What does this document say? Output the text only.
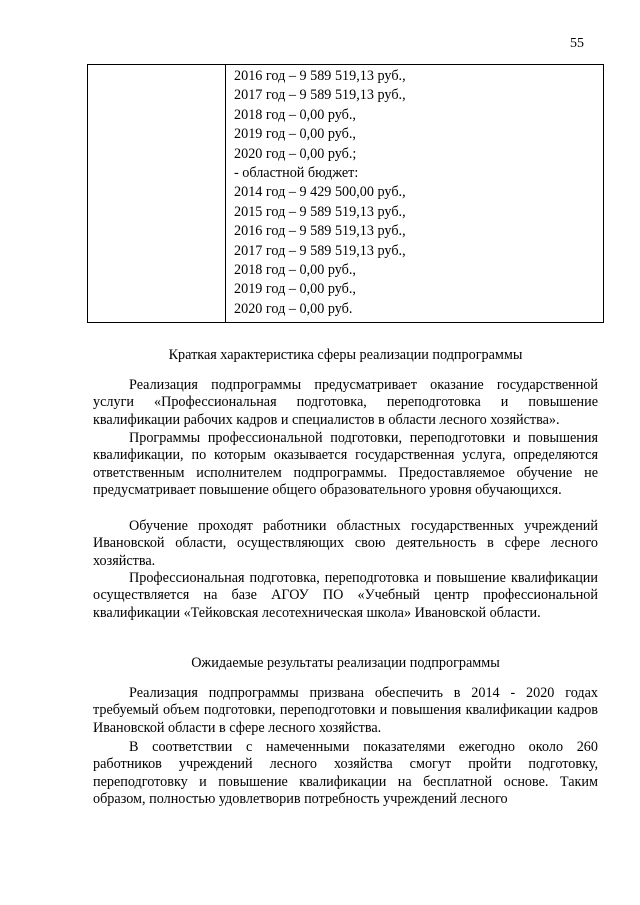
55
2016 год – 9 589 519,13 руб.,
2017 год – 9 589 519,13 руб.,
2018 год – 0,00 руб.,
2019 год – 0,00 руб.,
2020 год – 0,00 руб.;
- областной бюджет:
2014 год – 9 429 500,00 руб.,
2015 год – 9 589 519,13 руб.,
2016 год – 9 589 519,13 руб.,
2017 год – 9 589 519,13 руб.,
2018 год – 0,00 руб.,
2019 год – 0,00 руб.,
2020 год – 0,00 руб.
Краткая характеристика сферы реализации подпрограммы

Реализация подпрограммы предусматривает оказание государственной услуги «Профессиональная подготовка, переподготовка и повышение квалификации рабочих кадров и специалистов в области лесного хозяйства».

Программы профессиональной подготовки, переподготовки и повышения квалификации, по которым оказывается государственная услуга, определяются ответственным исполнителем подпрограммы. Предоставляемое обучение не предусматривает повышение общего образовательного уровня обучающихся.

Обучение проходят работники областных государственных учреждений Ивановской области, осуществляющих свою деятельность в сфере лесного хозяйства.

Профессиональная подготовка, переподготовка и повышение квалификации осуществляется на базе АГОУ ПО «Учебный центр профессиональной квалификации «Тейковская лесотехническая школа» Ивановской области.

Ожидаемые результаты реализации подпрограммы

Реализация подпрограммы призвана обеспечить в 2014 - 2020 годах требуемый объем подготовки, переподготовки и повышения квалификации кадров Ивановской области в сфере лесного хозяйства.

В соответствии с намеченными показателями ежегодно около 260 работников учреждений лесного хозяйства смогут пройти подготовку, переподготовку и повышение квалификации на бесплатной основе. Таким образом, полностью удовлетворив потребность учреждений лесного
